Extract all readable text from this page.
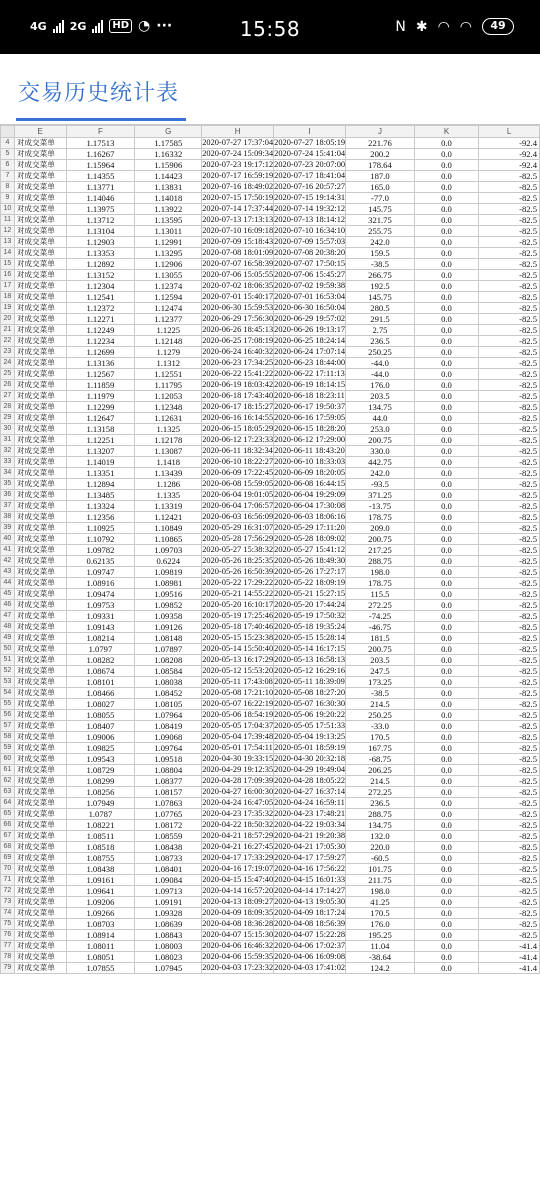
4G 2G	HD ◔ ···	15:58	Ν ✱ ◠ ◠	49
交易历史统计表
	E	F	G	H	I	J	K	L
4	对成交菜单	1.17513	1.17585	2020-07-27 17:37:04	2020-07-27 18:05:19	221.76	0.0	-92.4
5	对成交菜单	1.16267	1.16332	2020-07-24 15:09:34	2020-07-24 15:41:04	200.2	0.0	-92.4
6	对成交菜单	1.15964	1.15906	2020-07-23 19:17:12	2020-07-23 20:07:00	178.64	0.0	-92.4
7	对成交菜单	1.14355	1.14423	2020-07-17 16:59:19	2020-07-17 18:41:04	187.0	0.0	-82.5
8	对成交菜单	1.13771	1.13831	2020-07-16 18:49:02	2020-07-16 20:57:27	165.0	0.0	-82.5
9	对成交菜单	1.14046	1.14018	2020-07-15 17:50:19	2020-07-15 19:14:31	-77.0	0.0	-82.5
10	对成交菜单	1.13975	1.13922	2020-07-14 17:37:44	2020-07-14 19:32:12	145.75	0.0	-82.5
11	对成交菜单	1.13712	1.13595	2020-07-13 17:13:13	2020-07-13 18:14:12	321.75	0.0	-82.5
12	对成交菜单	1.13104	1.13011	2020-07-10 16:09:18	2020-07-10 16:34:10	255.75	0.0	-82.5
13	对成交菜单	1.12903	1.12991	2020-07-09 15:18:43	2020-07-09 15:57:03	242.0	0.0	-82.5
14	对成交菜单	1.13353	1.13295	2020-07-08 18:01:09	2020-07-08 20:38:20	159.5	0.0	-82.5
15	对成交菜单	1.12892	1.12906	2020-07-07 16:58:39	2020-07-07 17:50:15	-38.5	0.0	-82.5
16	对成交菜单	1.13152	1.13055	2020-07-06 15:05:55	2020-07-06 15:45:27	266.75	0.0	-82.5
17	对成交菜单	1.12304	1.12374	2020-07-02 18:06:35	2020-07-02 19:59:38	192.5	0.0	-82.5
18	对成交菜单	1.12541	1.12594	2020-07-01 15:40:17	2020-07-01 16:53:04	145.75	0.0	-82.5
19	对成交菜单	1.12372	1.12474	2020-06-30 15:59:53	2020-06-30 16:50:04	280.5	0.0	-82.5
20	对成交菜单	1.12271	1.12377	2020-06-29 17:56:30	2020-06-29 19:57:02	291.5	0.0	-82.5
21	对成交菜单	1.12249	1.1225	2020-06-26 18:45:13	2020-06-26 19:13:17	2.75	0.0	-82.5
22	对成交菜单	1.12234	1.12148	2020-06-25 17:08:19	2020-06-25 18:24:14	236.5	0.0	-82.5
23	对成交菜单	1.12699	1.1279	2020-06-24 16:40:32	2020-06-24 17:07:14	250.25	0.0	-82.5
24	对成交菜单	1.13136	1.1312	2020-06-23 17:34:25	2020-06-23 18:44:00	-44.0	0.0	-82.5
25	对成交菜单	1.12567	1.12551	2020-06-22 15:41:22	2020-06-22 17:11:13	-44.0	0.0	-82.5
26	对成交菜单	1.11859	1.11795	2020-06-19 18:03:42	2020-06-19 18:14:15	176.0	0.0	-82.5
27	对成交菜单	1.11979	1.12053	2020-06-18 17:43:40	2020-06-18 18:23:11	203.5	0.0	-82.5
28	对成交菜单	1.12299	1.12348	2020-06-17 18:15:27	2020-06-17 19:50:37	134.75	0.0	-82.5
29	对成交菜单	1.12647	1.12631	2020-06-16 16:14:55	2020-06-16 17:59:05	44.0	0.0	-82.5
30	对成交菜单	1.13158	1.1325	2020-06-15 18:05:29	2020-06-15 18:28:20	253.0	0.0	-82.5
31	对成交菜单	1.12251	1.12178	2020-06-12 17:23:33	2020-06-12 17:29:00	200.75	0.0	-82.5
32	对成交菜单	1.13207	1.13087	2020-06-11 18:32:34	2020-06-11 18:43:20	330.0	0.0	-82.5
33	对成交菜单	1.14019	1.1418	2020-06-10 18:22:27	2020-06-10 18:33:03	442.75	0.0	-82.5
34	对成交菜单	1.13351	1.13439	2020-06-09 17:22:45	2020-06-09 18:20:05	242.0	0.0	-82.5
35	对成交菜单	1.12894	1.1286	2020-06-08 15:59:05	2020-06-08 16:44:15	-93.5	0.0	-82.5
36	对成交菜单	1.13485	1.1335	2020-06-04 19:01:05	2020-06-04 19:29:09	371.25	0.0	-82.5
37	对成交菜单	1.13324	1.13319	2020-06-04 17:06:57	2020-06-04 17:30:08	-13.75	0.0	-82.5
38	对成交菜单	1.12356	1.12421	2020-06-03 16:56:09	2020-06-03 18:06:16	178.75	0.0	-82.5
39	对成交菜单	1.10925	1.10849	2020-05-29 16:31:07	2020-05-29 17:11:20	209.0	0.0	-82.5
40	对成交菜单	1.10792	1.10865	2020-05-28 17:56:29	2020-05-28 18:09:02	200.75	0.0	-82.5
41	对成交菜单	1.09782	1.09703	2020-05-27 15:38:32	2020-05-27 15:41:12	217.25	0.0	-82.5
42	对成交菜单	0.62135	0.6224	2020-05-26 18:25:35	2020-05-26 18:49:30	288.75	0.0	-82.5
43	对成交菜单	1.09747	1.09819	2020-05-26 16:50:39	2020-05-26 17:27:17	198.0	0.0	-82.5
44	对成交菜单	1.08916	1.08981	2020-05-22 17:29:22	2020-05-22 18:09:19	178.75	0.0	-82.5
45	对成交菜单	1.09474	1.09516	2020-05-21 14:55:22	2020-05-21 15:27:15	115.5	0.0	-82.5
46	对成交菜单	1.09753	1.09852	2020-05-20 16:10:17	2020-05-20 17:44:24	272.25	0.0	-82.5
47	对成交菜单	1.09331	1.09358	2020-05-19 17:25:46	2020-05-19 17:50:32	-74.25	0.0	-82.5
48	对成交菜单	1.09143	1.09126	2020-05-18 17:40:46	2020-05-18 19:35:24	-46.75	0.0	-82.5
49	对成交菜单	1.08214	1.08148	2020-05-15 15:23:38	2020-05-15 15:28:14	181.5	0.0	-82.5
50	对成交菜单	1.0797	1.07897	2020-05-14 15:50:40	2020-05-14 16:17:15	200.75	0.0	-82.5
51	对成交菜单	1.08282	1.08208	2020-05-13 16:17:29	2020-05-13 16:58:13	203.5	0.0	-82.5
52	对成交菜单	1.08674	1.08584	2020-05-12 15:53:20	2020-05-12 16:29:16	247.5	0.0	-82.5
53	对成交菜单	1.08101	1.08038	2020-05-11 17:43:08	2020-05-11 18:39:09	173.25	0.0	-82.5
54	对成交菜单	1.08466	1.08452	2020-05-08 17:21:10	2020-05-08 18:27:20	-38.5	0.0	-82.5
55	对成交菜单	1.08027	1.08105	2020-05-07 16:22:19	2020-05-07 16:30:30	214.5	0.0	-82.5
56	对成交菜单	1.08055	1.07964	2020-05-06 18:54:19	2020-05-06 19:20:22	250.25	0.0	-82.5
57	对成交菜单	1.08407	1.08419	2020-05-05 17:04:37	2020-05-05 17:51:33	-33.0	0.0	-82.5
58	对成交菜单	1.09006	1.09068	2020-05-04 17:39:48	2020-05-04 19:13:25	170.5	0.0	-82.5
59	对成交菜单	1.09825	1.09764	2020-05-01 17:54:11	2020-05-01 18:59:19	167.75	0.0	-82.5
60	对成交菜单	1.09543	1.09518	2020-04-30 19:33:15	2020-04-30 20:32:18	-68.75	0.0	-82.5
61	对成交菜单	1.08729	1.08804	2020-04-29 19:12:35	2020-04-29 19:49:04	206.25	0.0	-82.5
62	对成交菜单	1.08299	1.08377	2020-04-28 17:09:39	2020-04-28 18:05:22	214.5	0.0	-82.5
63	对成交菜单	1.08256	1.08157	2020-04-27 16:00:30	2020-04-27 16:37:14	272.25	0.0	-82.5
64	对成交菜单	1.07949	1.07863	2020-04-24 16:47:05	2020-04-24 16:59:11	236.5	0.0	-82.5
65	对成交菜单	1.0787	1.07765	2020-04-23 17:35:32	2020-04-23 17:48:21	288.75	0.0	-82.5
66	对成交菜单	1.08221	1.08172	2020-04-22 18:50:32	2020-04-22 19:03:34	134.75	0.0	-82.5
67	对成交菜单	1.08511	1.08559	2020-04-21 18:57:29	2020-04-21 19:20:38	132.0	0.0	-82.5
68	对成交菜单	1.08518	1.08438	2020-04-21 16:27:45	2020-04-21 17:05:30	220.0	0.0	-82.5
69	对成交菜单	1.08755	1.08733	2020-04-17 17:33:29	2020-04-17 17:59:27	-60.5	0.0	-82.5
70	对成交菜单	1.08438	1.08401	2020-04-16 17:19:07	2020-04-16 17:56:22	101.75	0.0	-82.5
71	对成交菜单	1.09161	1.09084	2020-04-15 15:47:40	2020-04-15 16:01:33	211.75	0.0	-82.5
72	对成交菜单	1.09641	1.09713	2020-04-14 16:57:20	2020-04-14 17:14:27	198.0	0.0	-82.5
73	对成交菜单	1.09206	1.09191	2020-04-13 18:09:27	2020-04-13 19:05:30	41.25	0.0	-82.5
74	对成交菜单	1.09266	1.09328	2020-04-09 18:09:35	2020-04-09 18:17:24	170.5	0.0	-82.5
75	对成交菜单	1.08703	1.08639	2020-04-08 18:36:28	2020-04-08 18:56:39	176.0	0.0	-82.5
76	对成交菜单	1.08914	1.08843	2020-04-07 15:15:30	2020-04-07 15:22:28	195.25	0.0	-82.5
77	对成交菜单	1.08011	1.08003	2020-04-06 16:46:32	2020-04-06 17:02:37	11.04	0.0	-41.4
78	对成交菜单	1.08051	1.08023	2020-04-06 15:59:35	2020-04-06 16:09:08	-38.64	0.0	-41.4
79	对成交菜单	1.07855	1.07945	2020-04-03 17:23:32	2020-04-03 17:41:02	124.2	0.0	-41.4
